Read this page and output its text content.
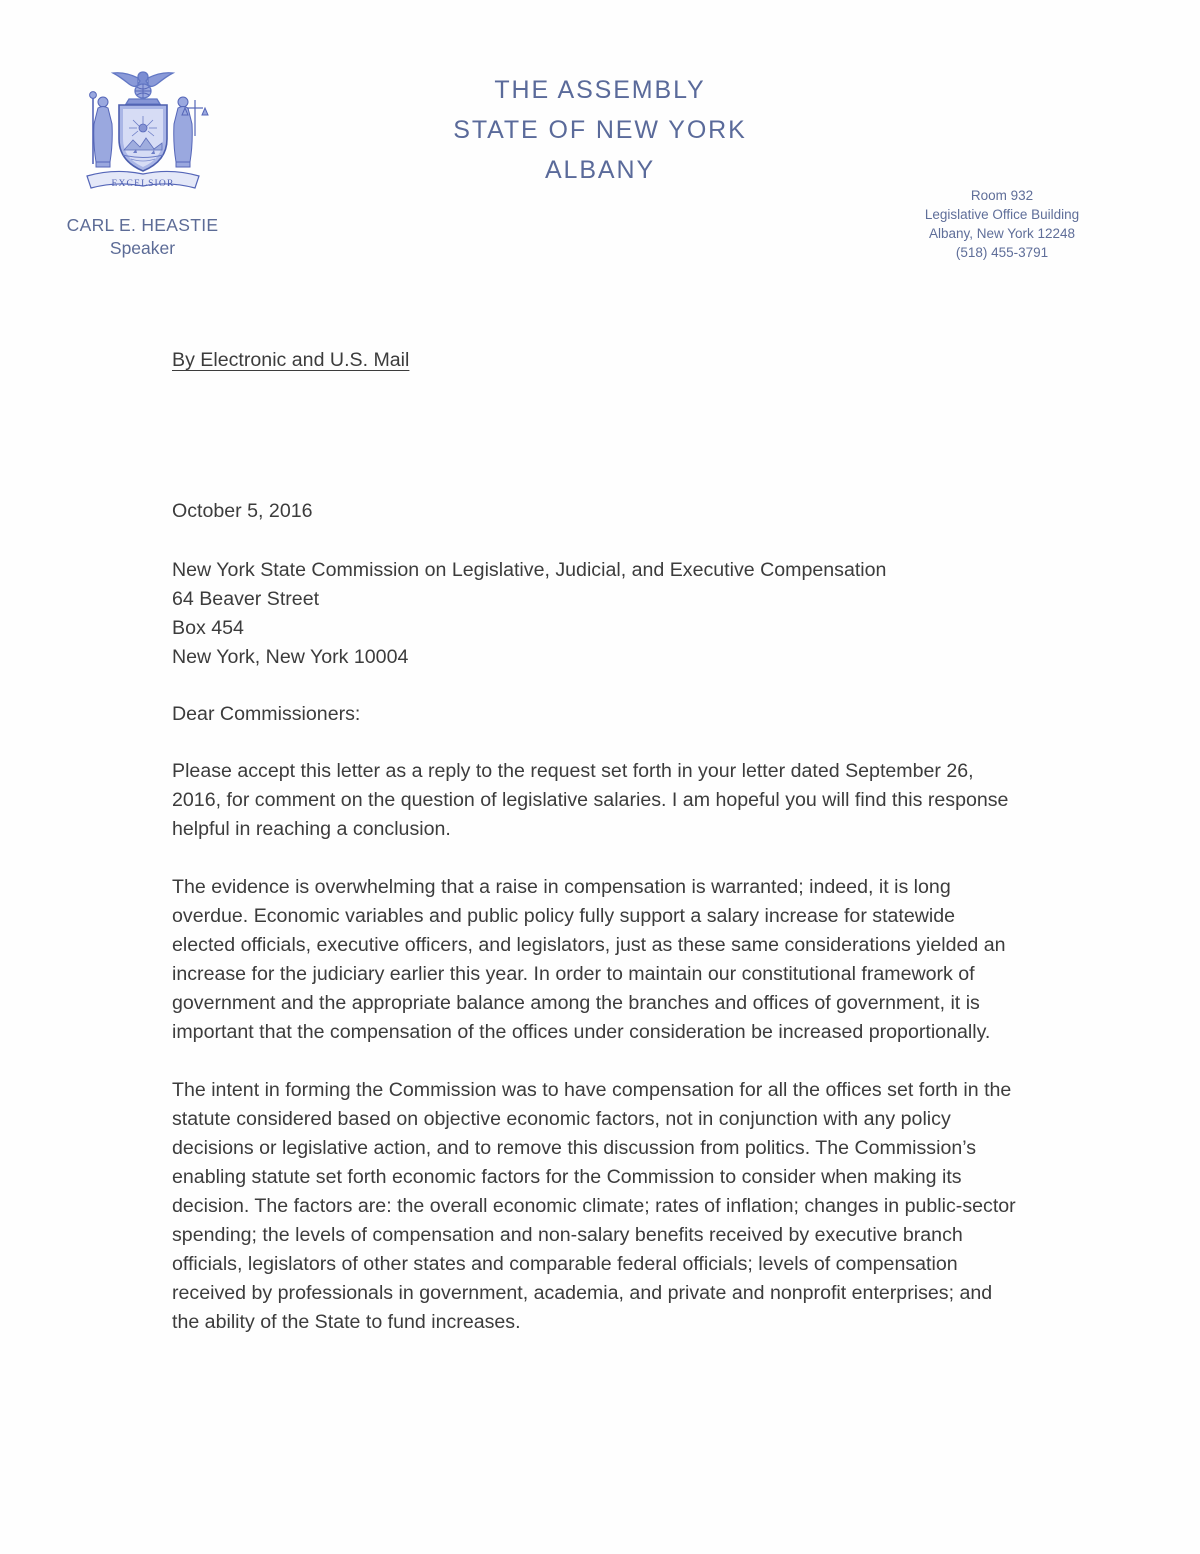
EXCELSIOR
CARL E. HEASTIE
Speaker
THE ASSEMBLY
STATE OF NEW YORK
ALBANY
Room 932
Legislative Office Building
Albany, New York 12248
(518) 455-3791
By Electronic and U.S. Mail
October 5, 2016
New York State Commission on Legislative, Judicial, and Executive Compensation
64 Beaver Street
Box 454
New York, New York 10004
Dear Commissioners:

Please accept this letter as a reply to the request set forth in your letter dated September 26, 2016, for comment on the question of legislative salaries. I am hopeful you will find this response helpful in reaching a conclusion.

The evidence is overwhelming that a raise in compensation is warranted; indeed, it is long overdue. Economic variables and public policy fully support a salary increase for statewide elected officials, executive officers, and legislators, just as these same considerations yielded an increase for the judiciary earlier this year. In order to maintain our constitutional framework of government and the appropriate balance among the branches and offices of government, it is important that the compensation of the offices under consideration be increased proportionally.

The intent in forming the Commission was to have compensation for all the offices set forth in the statute considered based on objective economic factors, not in conjunction with any policy decisions or legislative action, and to remove this discussion from politics. The Commission’s enabling statute set forth economic factors for the Commission to consider when making its decision. The factors are: the overall economic climate; rates of inflation; changes in public-sector spending; the levels of compensation and non-salary benefits received by executive branch officials, legislators of other states and comparable federal officials; levels of compensation received by professionals in government, academia, and private and nonprofit enterprises; and the ability of the State to fund increases.
